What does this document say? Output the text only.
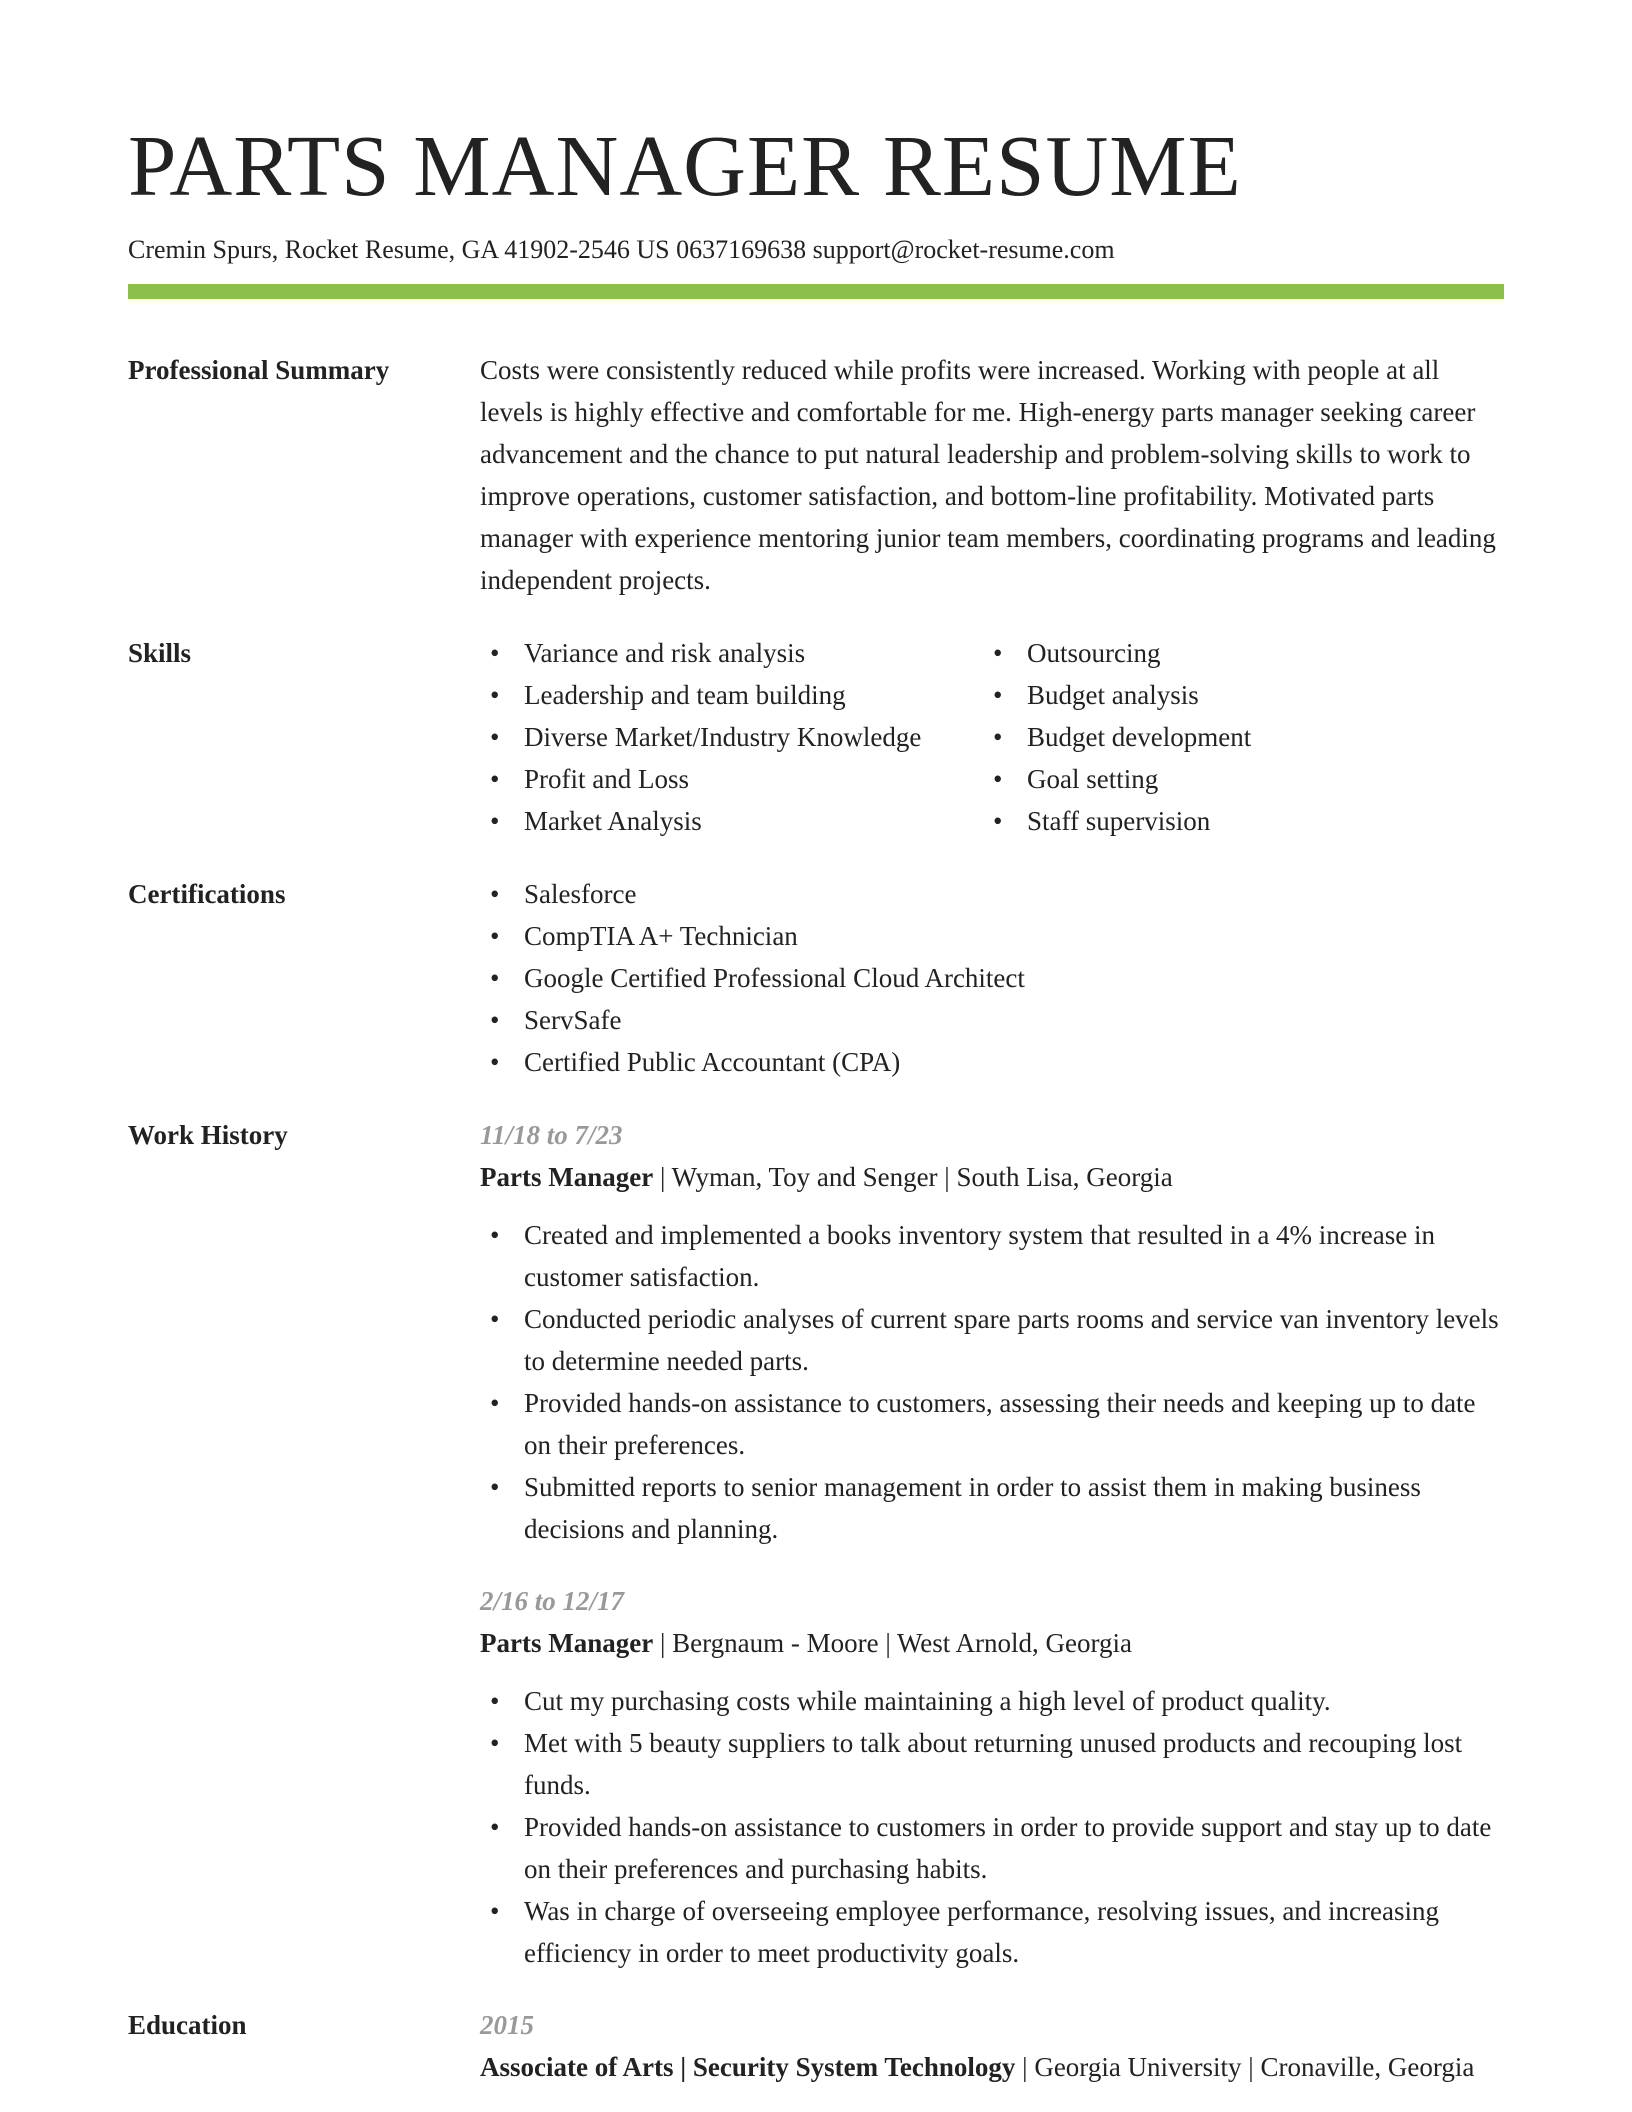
PARTS MANAGER RESUME
Cremin Spurs, Rocket Resume, GA 41902-2546 US 0637169638 support@rocket-resume.com
Professional Summary	Costs were consistently reduced while profits were increased. Working with people at all levels is highly effective and comfortable for me. High-energy parts manager seeking career advancement and the chance to put natural leadership and problem-solving skills to work to improve operations, customer satisfaction, and bottom-line profitability. Motivated parts manager with experience mentoring junior team members, coordinating programs and leading independent projects.
Skills	• Variance and risk analysis
• Leadership and team building
• Diverse Market/Industry Knowledge
• Profit and Loss
• Market Analysis
• Outsourcing
• Budget analysis
• Budget development
• Goal setting
• Staff supervision
Certifications	• Salesforce
• CompTIA A+ Technician
• Google Certified Professional Cloud Architect
• ServSafe
• Certified Public Accountant (CPA)
Work History	11/18 to 7/23
Parts Manager | Wyman, Toy and Senger | South Lisa, Georgia
• Created and implemented a books inventory system that resulted in a 4% increase in customer satisfaction.
• Conducted periodic analyses of current spare parts rooms and service van inventory levels to determine needed parts.
• Provided hands-on assistance to customers, assessing their needs and keeping up to date on their preferences.
• Submitted reports to senior management in order to assist them in making business decisions and planning.
2/16 to 12/17
Parts Manager | Bergnaum - Moore | West Arnold, Georgia
• Cut my purchasing costs while maintaining a high level of product quality.
• Met with 5 beauty suppliers to talk about returning unused products and recouping lost funds.
• Provided hands-on assistance to customers in order to provide support and stay up to date on their preferences and purchasing habits.
• Was in charge of overseeing employee performance, resolving issues, and increasing efficiency in order to meet productivity goals.
Education	2015
Associate of Arts | Security System Technology | Georgia University | Cronaville, Georgia
